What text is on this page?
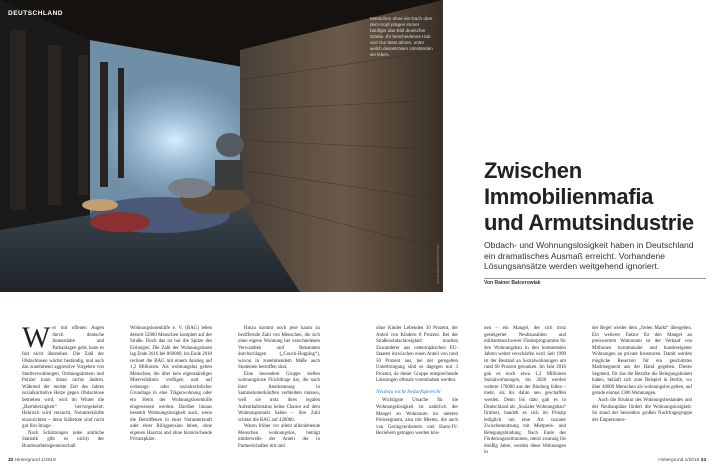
DEUTSCHLAND
Menschen ohne ein Dach über dem Kopf prägen immer häufiger das Bild deutscher Städte. Ihr bescheidenes Hab und Gut lässt ahnen, unter welch desaströsen Umständen sie leben.
picture alliance/Sven Simon
Zwischen
Immobilienmafia
und Armutsindustrie
Obdach- und Wohnungslosigkeit haben in Deutschland ein dramatisches Ausmaß erreicht. Vorhandene Lösungsansätze werden weitgehend ignoriert.
Von Rainer Balcerowiak
W er mit offenen Augen durch deutsche Innenstädte und Parkanlagen geht, kann es fast nicht übersehen: Die Zahl der Obdachlosen wächst beständig, und auch das zunehmend aggressive Vorgehen von Stadtverwaltungen, Ordnungsämtern und Polizei kann daran nichts ändern. Während der meiste Zeit des Jahres sozialkaritative Hetze gegen Obdachlose betrieben wird, wird im Winter die „Barmherzigkeit“ hervorgekehrt: Hektisch wird versucht, Notunterkünfte einzurichten – denn Kältetote sind nicht gut fürs Image.

Nach Schätzungen (eine amtliche Statistik gibt es nicht) der Bundesarbeitsgemeinschaft

Wohnungslosenhilfe e. V. (BAG) leben derzeit 52000 Menschen komplett auf der Straße. Doch das ist nur die Spitze des Eisberges: Die Zahl der Wohnungslosen lag Ende 2016 bei 860000, bis Ende 2018 rechnet die BAG mit einem Anstieg auf 1,2 Millionen. Als wohnungslos gelten Menschen, die über kein eigenständiges Mietverhältnis verfügen und auf ordnungs- oder sozialrechtlicher Grundlage in eine Trägerwohnung oder ein Heim der Wohnungslosenhilfe eingewiesen werden. Darüber hinaus bestehlt Wohnungslosigkeit auch, wenn die Betroffenen in einer Notunterkunft oder einer Billigpension leben, ohne eigenen Haarzai und ohne historischende Privatsphäre.

Hinzu kommt noch jene kaum zu beziffernde Zahl von Menschen, die sich ohne eigene Wohnung bei verschiedenen Verwandten und Bekannten durchschlagen („Couch-Hopping“), wovon in zunehmendem Maße auch Studenten betroffen sind.

Eine besondere Gruppe stellen wohnungslose Flüchtlinge dar, die nach ihrer Anerkennung in Sammelunterkünften verbleiben müssen, weil sie trotz ihres legalen Aufenthaltsstatus keine Chance auf dem Wohnungsmarkt haben – ihre Zahl schätzt die BAG auf 420000.

Waren früher vor allem alleinlebende Menschen wohnungslos, beträgt mittlerweile der Anteil der in Partnerschaften mit und

ohne Kinder Lebenden 30 Prozent, der Anteil von Kindern 8 Prozent. Bei der Straßenobdachlosigkeit machen Zuwanderer aus osteuropäischen EU-Staaten inzwischen einen Anteil von rund 50 Prozent aus, bei der geregelten Unterbringung sind es dagegen nur 3 Prozent, da dieser Gruppe entsprechende Leistungen oftmals vorenthalten werden.

Neubau nicht bedarfsgerecht

Wichtigste Ursache für die Wohnungslosigkeit ist natürlich der Mangel an Wohnraum im unteren Preissegment, also mit Mieten, die auch von Geringverdienern und Hartz-IV-Beziehern getragen werden kön-

nen – ein Mangel, der sich trotz gesteigerter Neubauzahlen und milliardenschwerer Förderprogramme für den Wohnungsbau in den kommenden Jahren weiter verschärfen wird. Seit 1990 ist der Bestand an Sozialwohnungen um rund 60 Prozent gesunken. Im Jahr 2016 gab es noch etwa 1,2 Millionen Sozialwohnungen, bis 2020 werden weitere 170000 aus der Bindung fallen – mehr, als bis dahin neu geschaffen werden. Denn bis dato gab es in Deutschland als „Sozialer Wohnungsbau“ firmiert, handelt es sich im Prinzip lediglich um eine Art sozialer Zwischennutzung mit Mietpreis- und Belegungsbindung. Nach Ende des Förderungszeitraumes, meist zwanzig bis dreißig Jahre, werden diese Wohnungen in

der Regel wieder dem „freien Markt“ übergeben. Ein weiterer Faktor für den Mangel an preiswertem Wohnraum ist der Verkauf von Millionen kommunaler und bundeseigener Wohnungen an private Investoren. Damit werden mögliche Reserven für ein geschütztes Marktsegment aus der Hand gegeben. Dieses Segment, für das die Bezirke die Belegungshoheit haben, beläuft sich zum Beispiel in Berlin, wo über 40000 Menschen als wohnungslos gelten, auf gerade einmal 1300 Wohnungen.

Auch die Struktur des Wohnungsbestandes und der Neubaupläne fördert die Wohnungslosigkeit. So stand der besonders großen Nachfragegruppe der Einpersonen-

32 Hintergrund 1/2018	Hintergrund 1/2018 33
